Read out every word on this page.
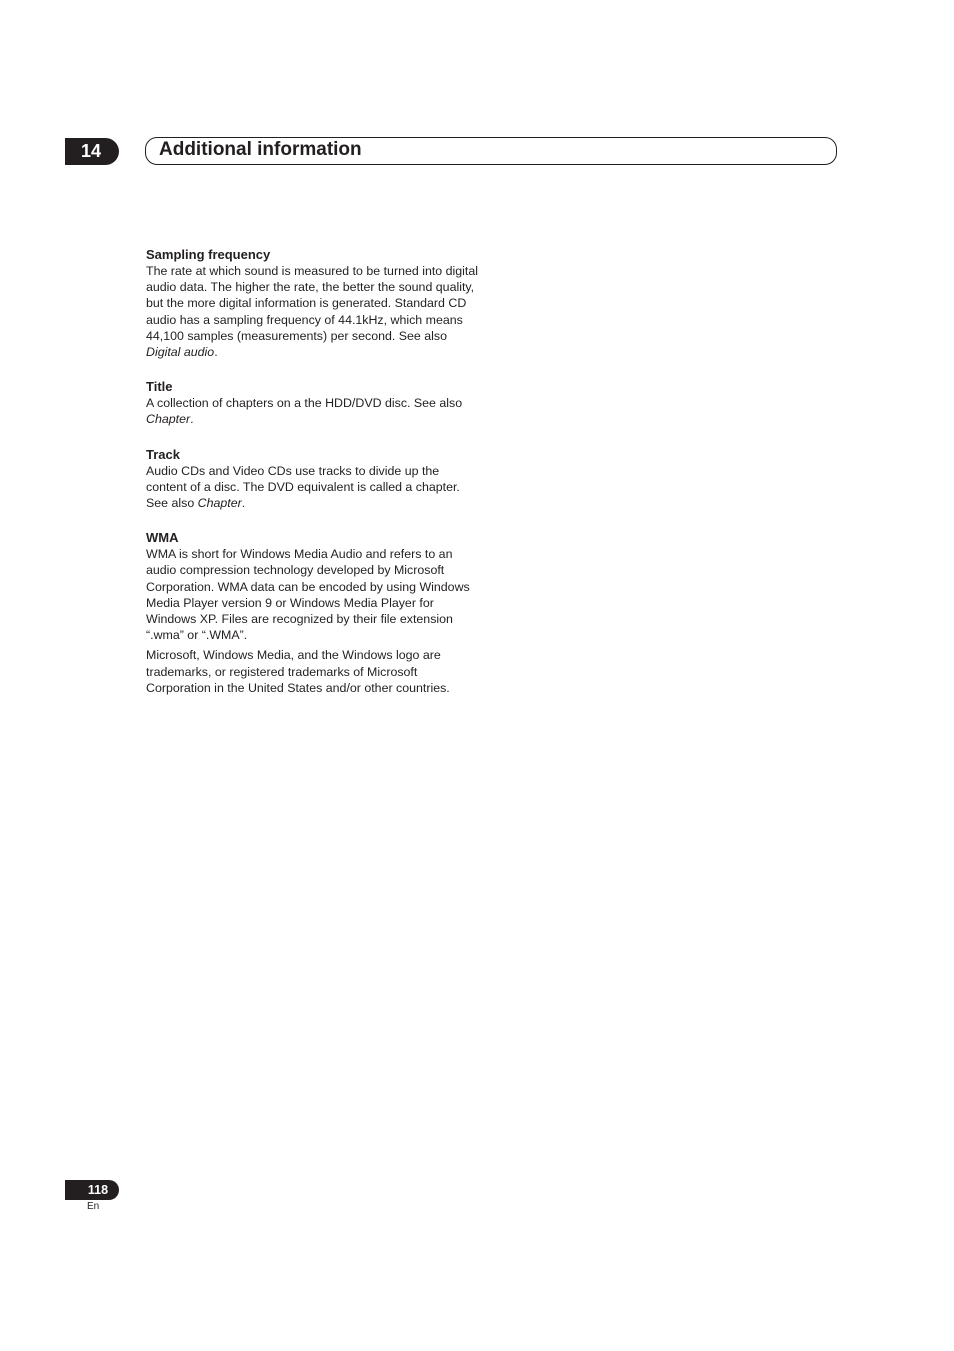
14	Additional information

Sampling frequency

The rate at which sound is measured to be turned into digital audio data. The higher the rate, the better the sound quality, but the more digital information is generated. Standard CD audio has a sampling frequency of 44.1kHz, which means 44,100 samples (measurements) per second. See also Digital audio.

Title

A collection of chapters on a the HDD/DVD disc. See also Chapter.

Track

Audio CDs and Video CDs use tracks to divide up the content of a disc. The DVD equivalent is called a chapter. See also Chapter.

WMA

WMA is short for Windows Media Audio and refers to an audio compression technology developed by Microsoft Corporation. WMA data can be encoded by using Windows Media Player version 9 or Windows Media Player for Windows XP. Files are recognized by their file extension “.wma” or “.WMA”.

Microsoft, Windows Media, and the Windows logo are trademarks, or registered trademarks of Microsoft Corporation in the United States and/or other countries.

118
En
